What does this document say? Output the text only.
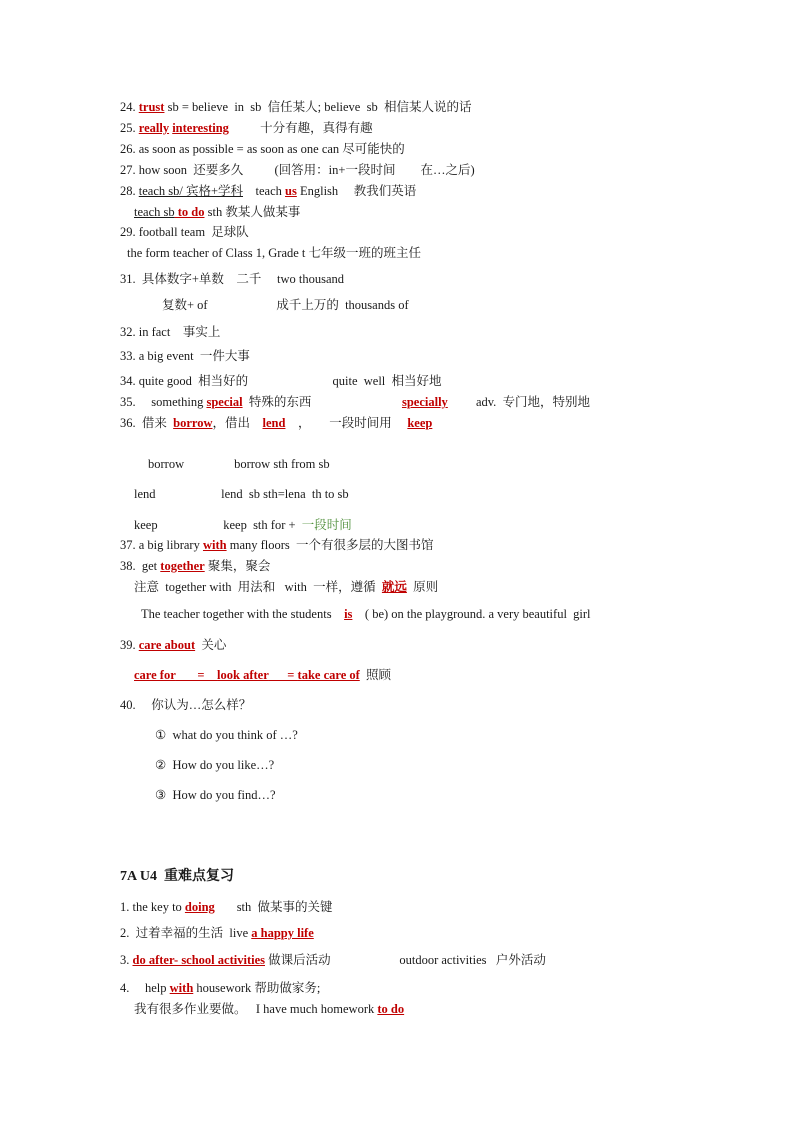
24. trust sb = believe  in  sb  信任某人; believe  sb  相信某人说的话
25. really interesting          十分有趣，真得有趣
26. as soon as possible = as soon as one can 尽可能快的
27. how soon  还要多久          (回答用：in+一段时间        在…之后)
28. teach sb/ 宾格+学科    teach us English     教我们英语
teach sb to do sth 教某人做某事
29. football team  足球队
the form teacher of Class 1, Grade t 七年级一班的班主任
31.  具体数字+单数    二千     two thousand
复数+ of                      成千上万的  thousands of
32. in fact    事实上
33. a big event  一件大事
34. quite good  相当好的                           quite  well  相当好地
35.     something special  特殊的东西                             specially         adv.  专门地，特别地
36.  借来  borrow，借出    lend    ，      一段时间用     keep
borrow                borrow sth from sb
lend                     lend  sb sth=lena  th to sb
keep                     keep  sth for +  一段时间
37. a big library with many floors  一个有很多层的大图书馆
38.  get together 聚集，聚会
注意  together with  用法和   with  一样，遵循  就远  原则
The teacher together with the students    is    ( be) on the playground. a very beautiful  girl
39. care about  关心
care for       =    look after      = take care of  照顾
40.     你认为…怎么样？
①  what do you think of …?
②  How do you like…?
③  How do you find…?
7A U4  重难点复习
1. the key to doing       sth  做某事的关键
2.  过着幸福的生活  live a happy life
3. do after- school activities 做课后活动                      outdoor activities   户外活动
4.     help with housework 帮助做家务;
我有很多作业要做。   I have much homework to do
